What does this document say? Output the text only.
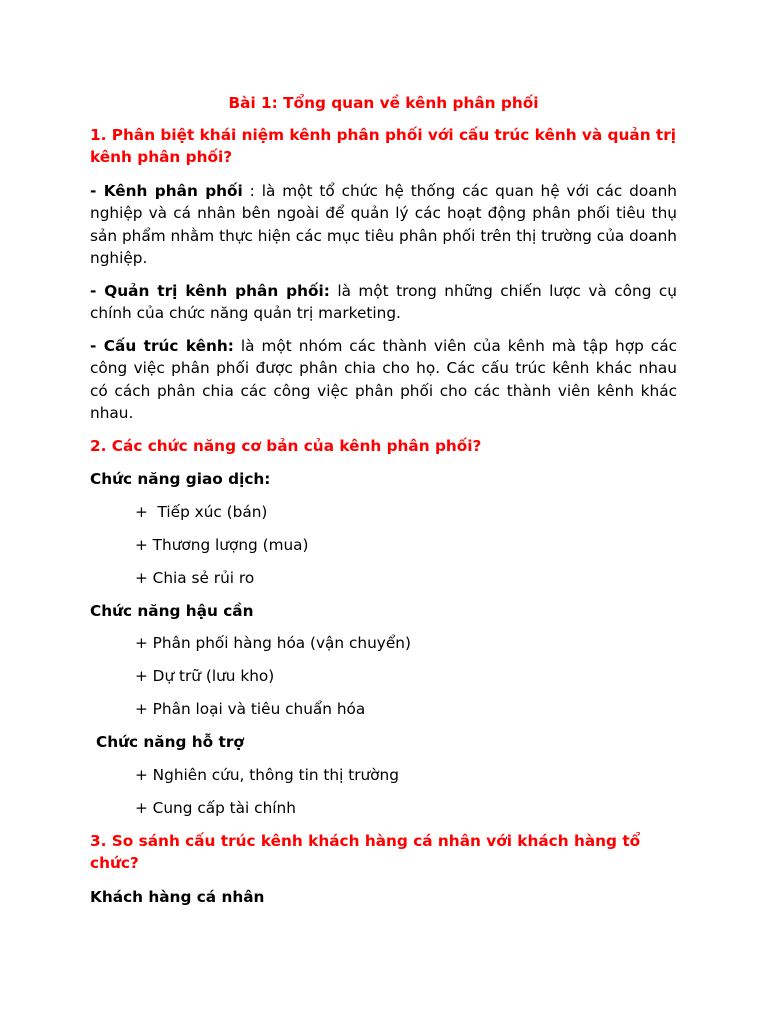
Bài 1: Tổng quan về kênh phân phối
1. Phân biệt khái niệm kênh phân phối với cấu trúc kênh và quản trị kênh phân phối?
- Kênh phân phối : là một tổ chức hệ thống các quan hệ với các doanh nghiệp và cá nhân bên ngoài để quản lý các hoạt động phân phối tiêu thụ sản phẩm nhằm thực hiện các mục tiêu phân phối trên thị trường của doanh nghiệp.
- Quản trị kênh phân phối: là một trong những chiến lược và công cụ chính của chức năng quản trị marketing.
- Cấu trúc kênh: là một nhóm các thành viên của kênh mà tập hợp các công việc phân phối được phân chia cho họ. Các cấu trúc kênh khác nhau có cách phân chia các công việc phân phối cho các thành viên kênh khác nhau.
2. Các chức năng cơ bản của kênh phân phối?
Chức năng giao dịch:
+  Tiếp xúc (bán)
+ Thương lượng (mua)
+ Chia sẻ rủi ro
Chức năng hậu cần
+ Phân phối hàng hóa (vận chuyển)
+ Dự trữ (lưu kho)
+ Phân loại và tiêu chuẩn hóa
Chức năng hỗ trợ
+ Nghiên cứu, thông tin thị trường
+ Cung cấp tài chính
3. So sánh cấu trúc kênh khách hàng cá nhân với khách hàng tổ chức?
Khách hàng cá nhân
